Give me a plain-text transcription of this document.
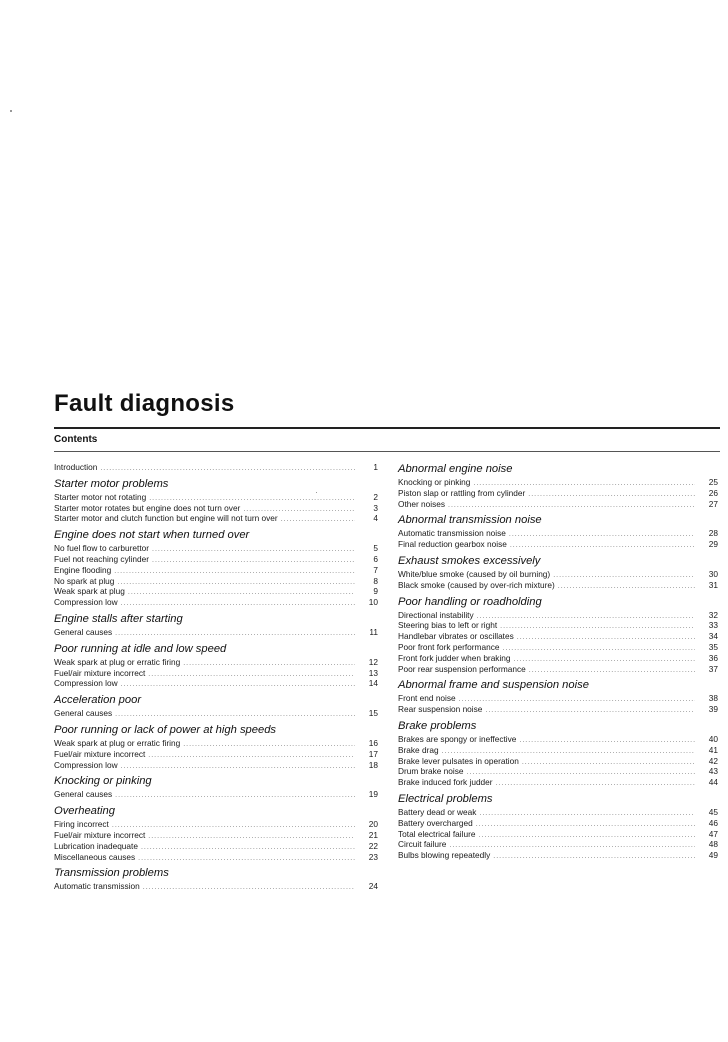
Fault diagnosis
Contents
Introduction .....	1
Starter motor problems
Starter motor not rotating .....	2
Starter motor rotates but engine does not turn over .....	3
Starter motor and clutch function but engine will not turn over .....	4
Engine does not start when turned over
No fuel flow to carburettor .....	5
Fuel not reaching cylinder .....	6
Engine flooding .....	7
No spark at plug .....	8
Weak spark at plug .....	9
Compression low .....	10
Engine stalls after starting
General causes .....	11
Poor running at idle and low speed
Weak spark at plug or erratic firing .....	12
Fuel/air mixture incorrect .....	13
Compression low .....	14
Acceleration poor
General causes .....	15
Poor running or lack of power at high speeds
Weak spark at plug or erratic firing .....	16
Fuel/air mixture incorrect .....	17
Compression low .....	18
Knocking or pinking
General causes .....	19
Overheating
Firing incorrect .....	20
Fuel/air mixture incorrect .....	21
Lubrication inadequate .....	22
Miscellaneous causes .....	23
Transmission problems
Automatic transmission .....	24
Abnormal engine noise
Knocking or pinking .....	25
Piston slap or rattling from cylinder .....	26
Other noises .....	27
Abnormal transmission noise
Automatic transmission noise .....	28
Final reduction gearbox noise .....	29
Exhaust smokes excessively
White/blue smoke (caused by oil burning) .....	30
Black smoke (caused by over-rich mixture) .....	31
Poor handling or roadholding
Directional instability .....	32
Steering bias to left or right .....	33
Handlebar vibrates or oscillates .....	34
Poor front fork performance .....	35
Front fork judder when braking .....	36
Poor rear suspension performance .....	37
Abnormal frame and suspension noise
Front end noise .....	38
Rear suspension noise .....	39
Brake problems
Brakes are spongy or ineffective .....	40
Brake drag .....	41
Brake lever pulsates in operation .....	42
Drum brake noise .....	43
Brake induced fork judder .....	44
Electrical problems
Battery dead or weak .....	45
Battery overcharged .....	46
Total electrical failure .....	47
Circuit failure .....	48
Bulbs blowing repeatedly .....	49
